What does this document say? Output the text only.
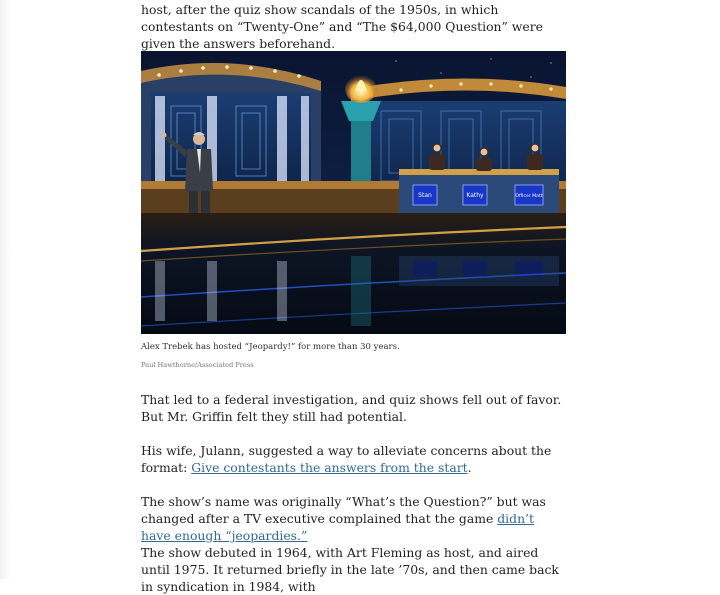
host, after the quiz show scandals of the 1950s, in which contestants on “Twenty-One” and “The $64,000 Question” were given the answers beforehand.

Stan	Kathy	Officer Matt

Alex Trebek has hosted “Jeopardy!” for more than 30 years.

Paul Hawthorne/Associated Press

That led to a federal investigation, and quiz shows fell out of favor. But Mr. Griffin felt they still had potential.

His wife, Julann, suggested a way to alleviate concerns about the format: Give contestants the answers from the start.

The show’s name was originally “What’s the Question?” but was changed after a TV executive complained that the game didn’t have enough “jeopardies.”

The show debuted in 1964, with Art Fleming as host, and aired until 1975. It returned briefly in the late ’70s, and then came back in syndication in 1984, with
